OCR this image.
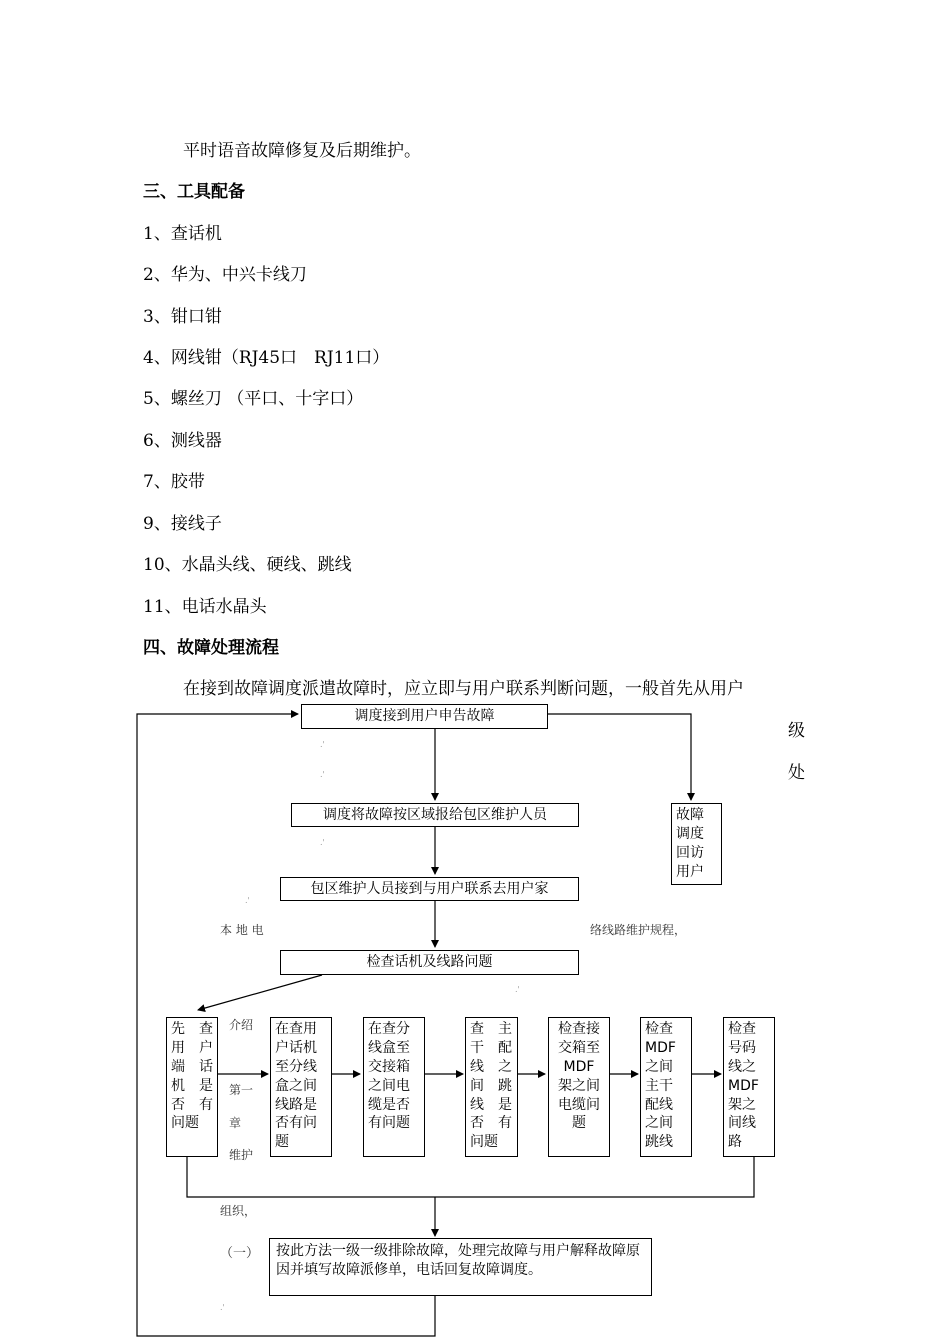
平时语音故障修复及后期维护。
三、工具配备
1、查话机
2、华为、中兴卡线刀
3、钳口钳
4、网线钳（RJ45口　RJ11口）
5、螺丝刀 （平口、十字口）
6、测线器
7、胶带
9、接线子
10、水晶头线、硬线、跳线
11、电话水晶头
四、故障处理流程
在接到故障调度派遣故障时，应立即与用户联系判断问题，一般首先从用户
级
处
调度接到用户申告故障
调度将故障按区域报给包区维护人员
包区维护人员接到与用户联系去用户家
检查话机及线路问题
故障
调度
回访
用户
先　查
用　户
端　话
机　是
否　有
问题
在查用
户话机
至分线
盒之间
线路是
否有问
题
在查分
线盒至
交接箱
之间电
缆是否
有问题
查　主
干　配
线　之
间　跳
线　是
否　有
问题
检查接
交箱至
MDF
架之间
电缆问
题
检查
MDF
之间
主干
配线
之间
跳线
检查
号码
线之
MDF
架之
间线
路
按此方法一级一级排除故障，处理完故障与用户解释故障原因并填写故障派修单，电话回复故障调度。
本 地 电	络线路维护规程，
介绍
第一
章
维护
组织，
（一）
.'
.'
.'
.'
.'
.'
